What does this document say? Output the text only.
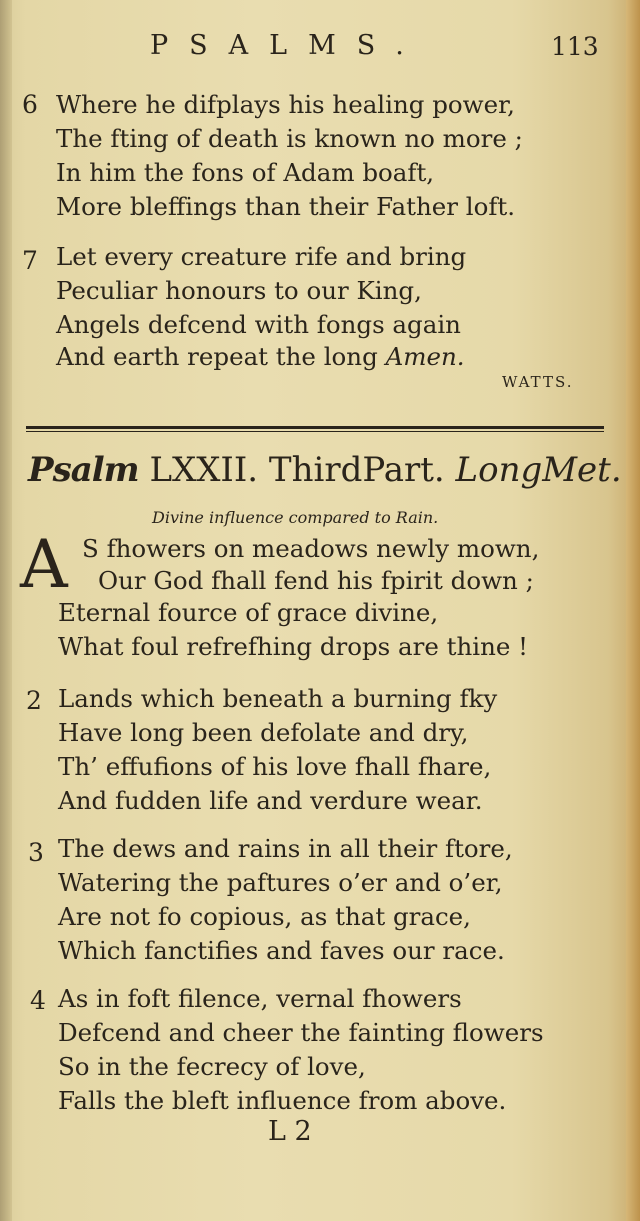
PSALMS.	113
6 Where he difplays his healing power,
The fting of death is known no more ;
In him the fons of Adam boaft,
More bleffings than their Father loft.
7 Let every creature rife and bring
Peculiar honours to our King,
Angels defcend with fongs again
And earth repeat the long Amen.
WATTS.
Psalm LXXII. ThirdPart. LongMet.
Divine influence compared to Rain.
A S fhowers on meadows newly mown,
Our God fhall fend his fpirit down ;
Eternal fource of grace divine,
What foul refrefhing drops are thine !
2 Lands which beneath a burning fky
Have long been defolate and dry,
Th’ effufions of his love fhall fhare,
And fudden life and verdure wear.
3 The dews and rains in all their ftore,
Watering the paftures o’er and o’er,
Are not fo copious, as that grace,
Which fanctifies and faves our race.
4 As in foft filence, vernal fhowers
Defcend and cheer the fainting flowers
So in the fecrecy of love,
Falls the bleft influence from above.
L 2
